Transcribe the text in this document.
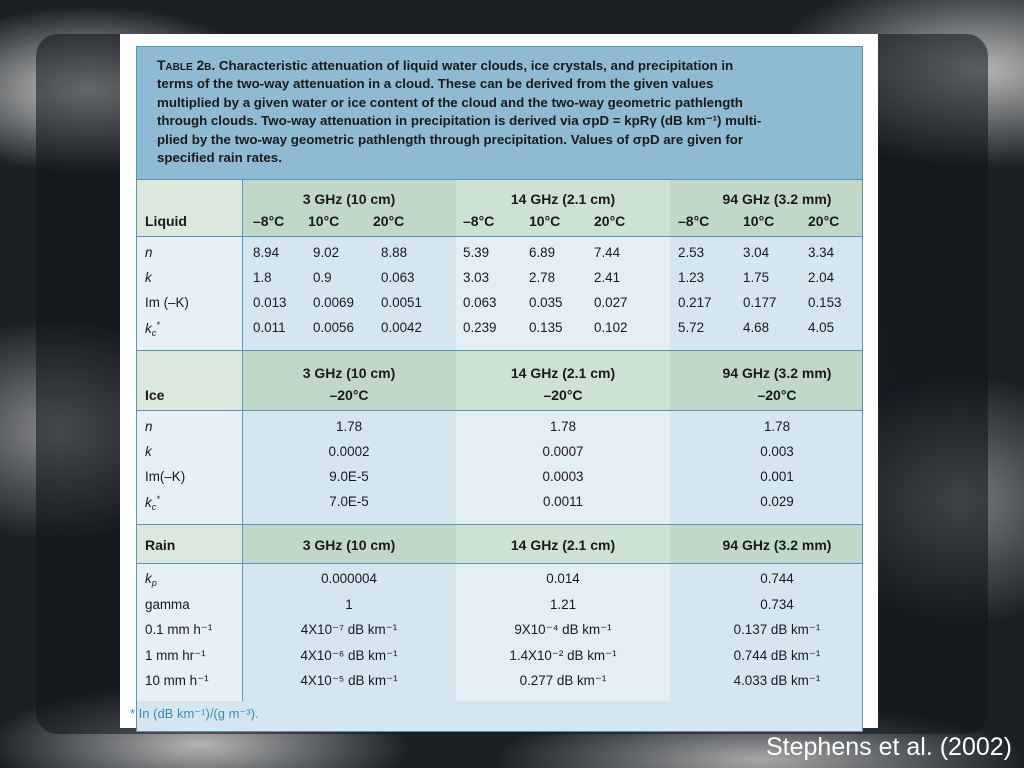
Table 2b. Characteristic attenuation of liquid water clouds, ice crystals, and precipitation in
terms of the two-way attenuation in a cloud. These can be derived from the given values
multiplied by a given water or ice content of the cloud and the two-way geometric pathlength
through clouds. Two-way attenuation in precipitation is derived via σpD = kpRγ (dB km⁻¹) multi-
plied by the two-way geometric pathlength through precipitation. Values of σpD are given for
specified rain rates.
Liquid
3 GHz (10 cm)	14 GHz (2.1 cm)	94 GHz (3.2 mm)
–8°C 10°C 20°C	–8°C 10°C 20°C	–8°C 10°C 20°C
n	8.94	9.02	8.88	5.39	6.89	7.44	2.53	3.04	3.34
k	1.8	0.9	0.063	3.03	2.78	2.41	1.23	1.75	2.04
Im (–K)	0.013 0.0069 0.0051	0.063 0.035 0.027	0.217 0.177 0.153
$k_c^*$	0.011 0.0056 0.0042	0.239 0.135 0.102	5.72	4.68	4.05
Ice
3 GHz (10 cm)	14 GHz (2.1 cm)	94 GHz (3.2 mm)
–20°C	–20°C	–20°C
n	1.78	1.78	1.78
k	0.0002	0.0007	0.003
Im(–K)	9.0E-5	0.0003	0.001
$k_c^*$	7.0E-5	0.0011	0.029
Rain	3 GHz (10 cm)	14 GHz (2.1 cm)	94 GHz (3.2 mm)
$k_p$	0.000004	0.014	0.744
gamma	1	1.21	0.734
0.1 mm h⁻¹	4X10⁻⁷ dB km⁻¹	9X10⁻⁴ dB km⁻¹	0.137 dB km⁻¹
1 mm hr⁻¹	4X10⁻⁶ dB km⁻¹	1.4X10⁻² dB km⁻¹	0.744 dB km⁻¹
10 mm h⁻¹	4X10⁻⁵ dB km⁻¹	0.277 dB km⁻¹	4.033 dB km⁻¹
* In (dB km⁻¹)/(g m⁻³).
Stephens et al. (2002)
